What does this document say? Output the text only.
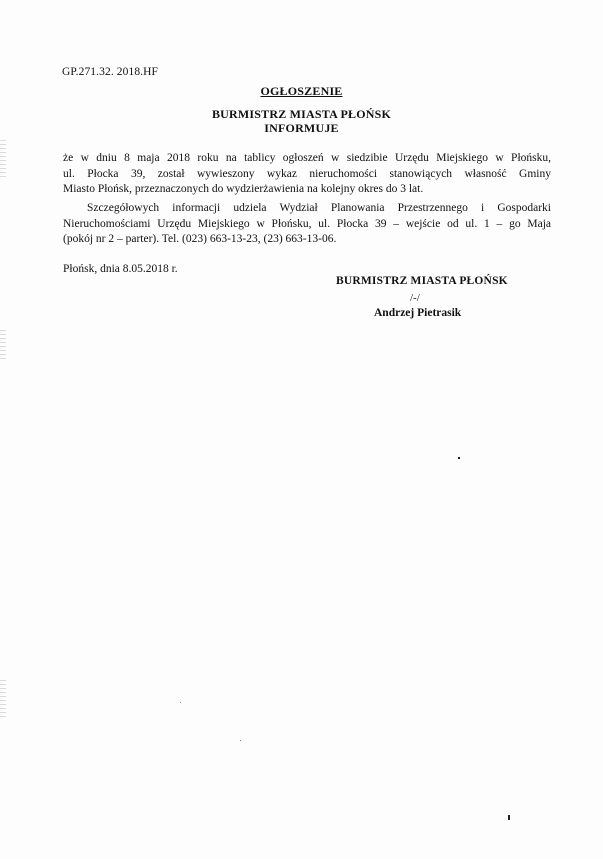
GP.271.32. 2018.HF
OGŁOSZENIE
BURMISTRZ MIASTA PŁOŃSK
INFORMUJE
że w dniu 8 maja 2018 roku na tablicy ogłoszeń w siedzibie Urzędu Miejskiego w Płońsku,
ul. Płocka 39, został wywieszony wykaz nieruchomości stanowiących własność Gminy
Miasto Płońsk, przeznaczonych do wydzierżawienia na kolejny okres do 3 lat.
Szczegółowych informacji udziela Wydział Planowania Przestrzennego i Gospodarki
Nieruchomościami Urzędu Miejskiego w Płońsku, ul. Płocka 39 – wejście od ul. 1 – go Maja
(pokój nr 2 – parter). Tel. (023) 663-13-23, (23) 663-13-06.
Płońsk, dnia 8.05.2018 r.
BURMISTRZ MIASTA PŁOŃSK
/-/
Andrzej Pietrasik
